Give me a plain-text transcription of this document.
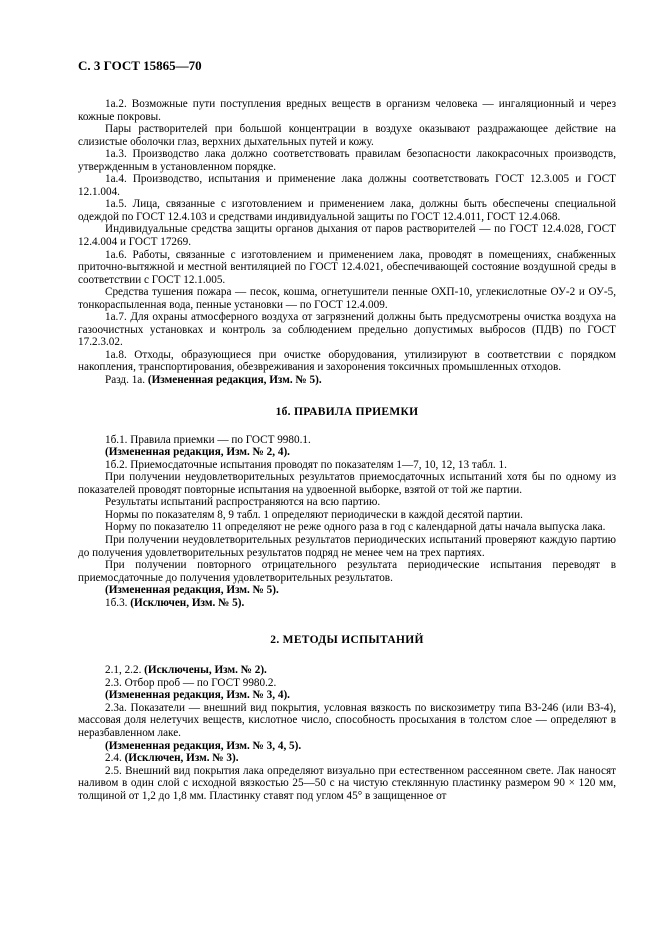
С. 3 ГОСТ 15865—70

1а.2. Возможные пути поступления вредных веществ в организм человека — ингаляционный и через кожные покровы.

Пары растворителей при большой концентрации в воздухе оказывают раздражающее действие на слизистые оболочки глаз, верхних дыхательных путей и кожу.

1а.3. Производство лака должно соответствовать правилам безопасности лакокрасочных производств, утвержденным в установленном порядке.

1а.4. Производство, испытания и применение лака должны соответствовать ГОСТ 12.3.005 и ГОСТ 12.1.004.

1а.5. Лица, связанные с изготовлением и применением лака, должны быть обеспечены специальной одеждой по ГОСТ 12.4.103 и средствами индивидуальной защиты по ГОСТ 12.4.011, ГОСТ 12.4.068.

Индивидуальные средства защиты органов дыхания от паров растворителей — по ГОСТ 12.4.028, ГОСТ 12.4.004 и ГОСТ 17269.

1а.6. Работы, связанные с изготовлением и применением лака, проводят в помещениях, снабженных приточно-вытяжной и местной вентиляцией по ГОСТ 12.4.021, обеспечивающей состояние воздушной среды в соответствии с ГОСТ 12.1.005.

Средства тушения пожара — песок, кошма, огнетушители пенные ОХП-10, углекислотные ОУ-2 и ОУ-5, тонкораспыленная вода, пенные установки — по ГОСТ 12.4.009.

1а.7. Для охраны атмосферного воздуха от загрязнений должны быть предусмотрены очистка воздуха на газоочистных установках и контроль за соблюдением предельно допустимых выбросов (ПДВ) по ГОСТ 17.2.3.02.

1а.8. Отходы, образующиеся при очистке оборудования, утилизируют в соответствии с порядком накопления, транспортирования, обезвреживания и захоронения токсичных промышленных отходов.

Разд. 1а. (Измененная редакция, Изм. № 5).

1б. ПРАВИЛА ПРИЕМКИ

1б.1. Правила приемки — по ГОСТ 9980.1.

(Измененная редакция, Изм. № 2, 4).

1б.2. Приемосдаточные испытания проводят по показателям 1—7, 10, 12, 13 табл. 1.

При получении неудовлетворительных результатов приемосдаточных испытаний хотя бы по одному из показателей проводят повторные испытания на удвоенной выборке, взятой от той же партии.

Результаты испытаний распространяются на всю партию.

Нормы по показателям 8, 9 табл. 1 определяют периодически в каждой десятой партии.

Норму по показателю 11 определяют не реже одного раза в год с календарной даты начала выпуска лака.

При получении неудовлетворительных результатов периодических испытаний проверяют каждую партию до получения удовлетворительных результатов подряд не менее чем на трех партиях.

При получении повторного отрицательного результата периодические испытания переводят в приемосдаточные до получения удовлетворительных результатов.

(Измененная редакция, Изм. № 5).

1б.3. (Исключен, Изм. № 5).

2. МЕТОДЫ ИСПЫТАНИЙ

2.1, 2.2. (Исключены, Изм. № 2).

2.3. Отбор проб — по ГОСТ 9980.2.

(Измененная редакция, Изм. № 3, 4).

2.3а. Показатели — внешний вид покрытия, условная вязкость по вискозиметру типа ВЗ-246 (или ВЗ-4), массовая доля нелетучих веществ, кислотное число, способность просыхания в толстом слое — определяют в неразбавленном лаке.

(Измененная редакция, Изм. № 3, 4, 5).

2.4. (Исключен, Изм. № 3).

2.5. Внешний вид покрытия лака определяют визуально при естественном рассеянном свете. Лак наносят наливом в один слой с исходной вязкостью 25—50 с на чистую стеклянную пластинку размером 90 × 120 мм, толщиной от 1,2 до 1,8 мм. Пластинку ставят под углом 45° в защищенное от
